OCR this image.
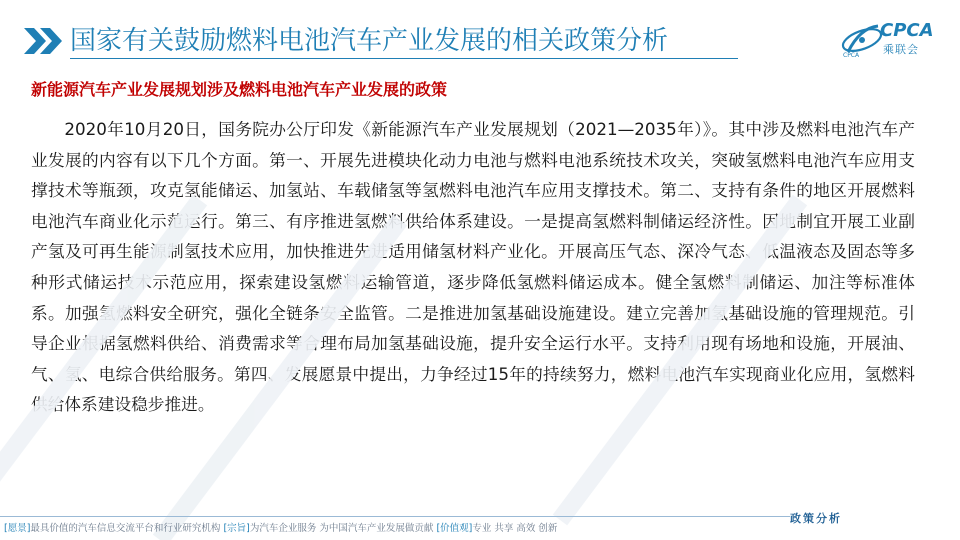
国家有关鼓励燃料电池汽车产业发展的相关政策分析	CPCA
乘联会
CPCA
新能源汽车产业发展规划涉及燃料电池汽车产业发展的政策

2020年10月20日，国务院办公厅印发《新能源汽车产业发展规划（2021—2035年）》。其中涉及燃料电池汽车产业发展的内容有以下几个方面。第一、开展先进模块化动力电池与燃料电池系统技术攻关，突破氢燃料电池汽车应用支撑技术等瓶颈，攻克氢能储运、加氢站、车载储氢等氢燃料电池汽车应用支撑技术。第二、支持有条件的地区开展燃料电池汽车商业化示范运行。第三、有序推进氢燃料供给体系建设。一是提高氢燃料制储运经济性。因地制宜开展工业副产氢及可再生能源制氢技术应用，加快推进先进适用储氢材料产业化。开展高压气态、深冷气态、低温液态及固态等多种形式储运技术示范应用，探索建设氢燃料运输管道，逐步降低氢燃料储运成本。健全氢燃料制储运、加注等标准体系。加强氢燃料安全研究，强化全链条安全监管。二是推进加氢基础设施建设。建立完善加氢基础设施的管理规范。引导企业根据氢燃料供给、消费需求等合理布局加氢基础设施，提升安全运行水平。支持利用现有场地和设施，开展油、气、氢、电综合供给服务。第四、发展愿景中提出，力争经过15年的持续努力，燃料电池汽车实现商业化应用，氢燃料供给体系建设稳步推进。

政策分析
[愿景]最具价值的汽车信息交流平台和行业研究机构 [宗旨]为汽车企业服务 为中国汽车产业发展做贡献 [价值观]专业 共享 高效 创新
